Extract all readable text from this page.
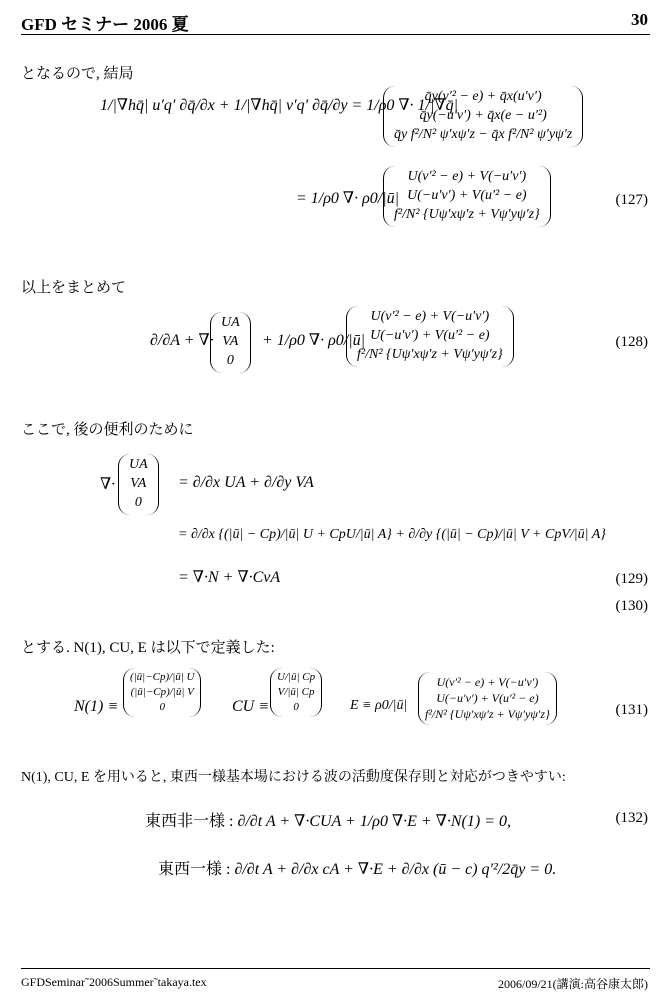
GFD セミナー 2006 夏	30
となるので, 結局
1/|∇hq̄| u′q′ ∂q̄/∂x + 1/|∇hq̄| v′q′ ∂q̄/∂y = 1/ρ0 ∇· 1/|∇q̄|
q̄y(v′² − e) + q̄x(u′v′)
q̄y(−u′v′) + q̄x(e − u′²)
q̄y f²/N² ψ′xψ′z − q̄x f²/N² ψ′yψ′z
= 1/ρ0 ∇· ρ0/|ū|
U(v′² − e) + V(−u′v′)
U(−u′v′) + V(u′² − e)
f²/N² {Uψ′xψ′z + Vψ′yψ′z}
(127)
以上をまとめて
∂/∂A + ∇·
UA
VA
0
+ 1/ρ0 ∇· ρ0/|ū|
U(v′² − e) + V(−u′v′)
U(−u′v′) + V(u′² − e)
f²/N² {Uψ′xψ′z + Vψ′yψ′z}
(128)
ここで, 後の便利のために
∇·
UA
VA
0
= ∂/∂x UA + ∂/∂y VA
= ∂/∂x {(|ū| − Cp)/|ū| U + CpU/|ū| A} + ∂/∂y {(|ū| − Cp)/|ū| V + CpV/|ū| A}
= ∇·N + ∇·CvA	(129)
(130)
とする. N(1), CU, E は以下で定義した:
N(1) ≡
(|ū|−Cp)/|ū| U
(|ū|−Cp)/|ū| V
0	CU ≡
U/|ū| Cp
V/|ū| Cp
0	E ≡ ρ0/|ū|
U(v′² − e) + V(−u′v′)
U(−u′v′) + V(u′² − e)
f²/N² {Uψ′xψ′z + Vψ′yψ′z}	(131)
N(1), CU, E を用いると, 東西一様基本場における波の活動度保存則と対応がつきやすい:
東西非一様 : ∂/∂t A + ∇·CUA + 1/ρ0 ∇·E + ∇·N(1) = 0,	(132)
東西一様 : ∂/∂t A + ∂/∂x cA + ∇·E + ∂/∂x (ū − c) q′²/2q̄y = 0.
GFDSeminar˜2006Summer˜takaya.tex	2006/09/21(講演:高谷康太郎)
